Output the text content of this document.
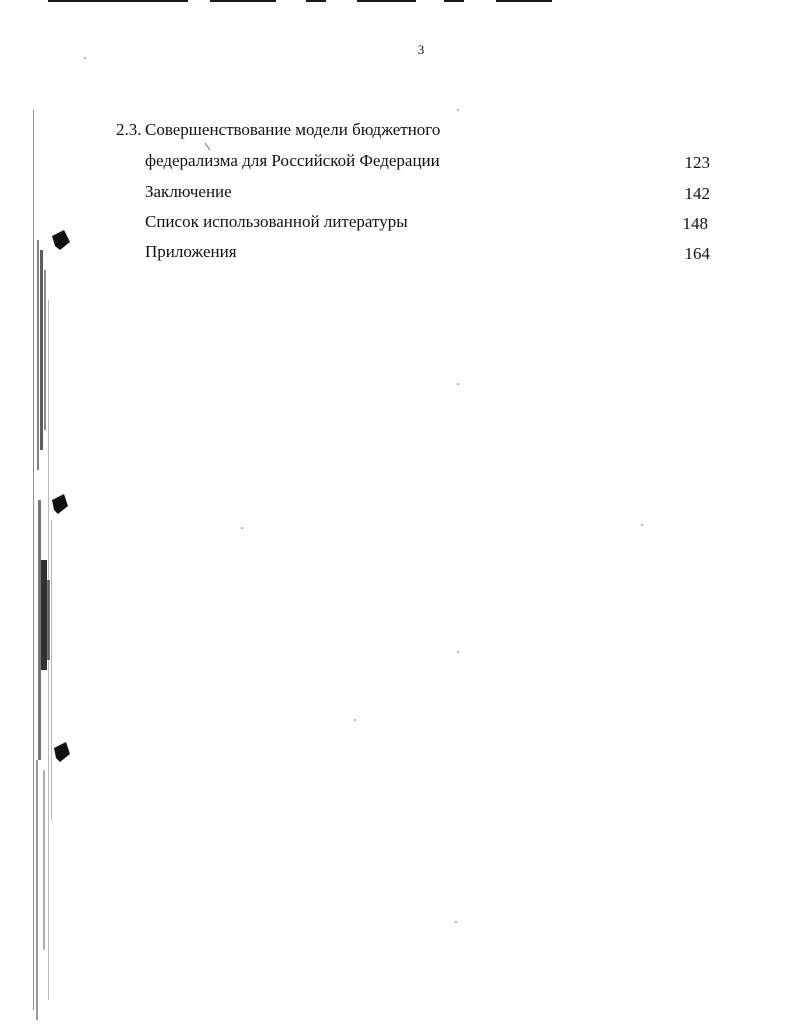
3
2.3. Совершенствование модели бюджетного
федерализма для Российской Федерации	123
Заключение	142
Список использованной литературы	148
Приложения	164
